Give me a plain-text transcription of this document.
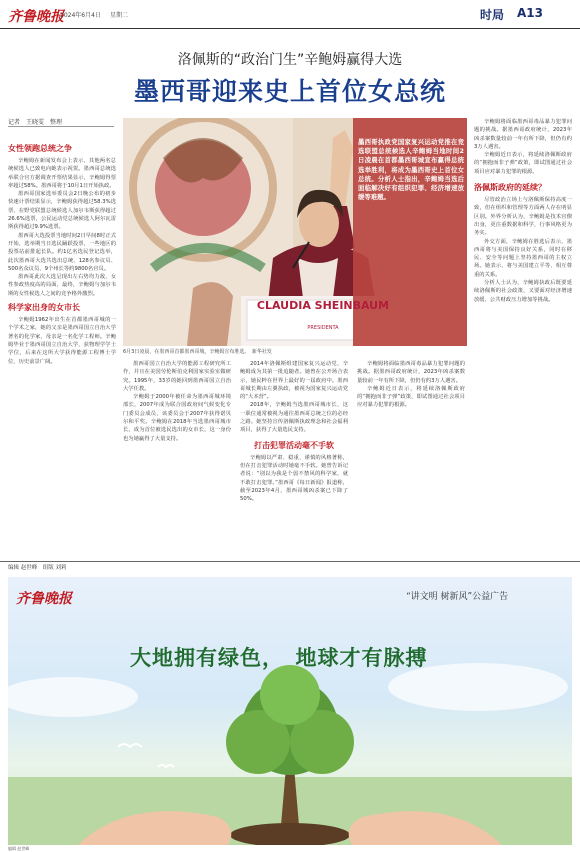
齐鲁晚报
2024年6月4日 星期二	时局 A13
洛佩斯的“政治门生”辛鲍姆赢得大选
墨西哥迎来史上首位女总统
记者　王晓雯　整理
女性领跑总统之争

辛鲍姆在新闻发布会上表示，其他两名总统候选人已致电向她表示祝贺。墨西哥总统选举联合官方据调查开票结果显示，辛鲍姆得票率超过58%。墨西哥将于10月1日开始执政。

墨西哥国家选举委员会2日晚公布的初步快速计票结果显示，辛鲍姆获得超过58.3%选票，在野党联盟总统候选人加尔韦斯获得超过26.6%选票，公民运动党总统候选人阿尔瓦雷斯获得超过9.9%选票。

墨西哥大选投票当地时间2日早间8时正式开始，选举期当日选民踊跃投票，一些地区的投票站前排起长队。约1亿名选民登记选举，此次墨西哥大选共选出总统、128名参议员、500名众议员、9个州长等约9800名官员。

墨西哥此次大选呈现出左右势均力敌、女性参政热度高的局面，最终，辛鲍姆与加尔韦斯的女性候选人之间的竞争格外激烈。

科学家出身的女市长

辛鲍姆1962年出生在首都墨西哥城的一个学术之家，她的父亲是墨西哥国立自治大学著名的化学家，母亲是一名化学工程师。辛鲍姆毕业于墨西哥国立自治大学，获物理学学士学位，后来在这所大学获得能源工程博士学位，历史前景广阔。

CLAUDIA SHEINBAUM
PRESIDENTA
墨西哥执政党国家复兴运动党推在竞选联盟总统候选人辛鲍姆当地时间2日凌晨在首都墨西哥城宣布赢得总统选举胜利，将成为墨西哥史上首位女总统。分析人士指出，辛鲍姆当选后面临解决好有组织犯罪、经济增速放缓等难题。
6月3日凌晨，在墨西哥首都墨西哥城，辛鲍姆宣布胜选。　新华社发

墨西哥国立自治大学的能源工程研究所工作，并且在美国劳伦斯伯克利国家实验室做研究。1995年，33岁的她回到墨西哥国立自治大学任教。

辛鲍姆于2000年被任命为墨西哥城环境部长，2007年成为联合国政府间气候变化专门委员会成员，该委员会于2007年获得诺贝尔和平奖。辛鲍姆在2018年当选墨西哥城市长，成为首位被选民选出的女市长，这一身份也为她赢得了大量支持。

2014年洛佩斯组建国家复兴运动党，辛鲍姆成为其第一批追随者。她曾在公开场合表示，她民粹在世界上最好的一届政府中。墨西哥城长期由左翼执政，被视为国家复兴运动党的“大本营”。

2018年，辛鲍姆当选墨西哥城市长，这一职位通常被视为通往墨西哥总统之位的必经之路。她坚持宣传洛佩斯执政理念和社会福利项目，获得了大量选民支持。

打击犯罪活动毫不手软

辛鲍姆以严肃、稳重、谨慎的风格著称，但在打击犯罪活动时她毫不手软。她曾告诉记者说：“别以为我是个弱不禁风的科学家，就不敢打击犯罪。”墨西哥《每日新闻》报道称，截至2023年4月，墨西哥城凶杀案已下降了50%。

辛鲍姆将面临墨西哥毒品暴力犯罪问题的挑战。据墨西哥政府统计，2023年凶杀案数量较前一年有所下降，但仍有约3万人遇害。

辛鲍姆近日表示，将延续洛佩斯政府的“拥抱而非子弹”政策，即试图通过社会项目应对暴力犯罪的根源。

辛鲍姆将面临墨西哥毒品暴力犯罪问题的挑战。据墨西哥政府统计，2023年凶杀案数量较前一年有所下降，但仍有约3万人遇害。

辛鲍姆近日表示，将延续洛佩斯政府的“拥抱而非子弹”政策，即试图通过社会项目应对暴力犯罪的根源。

洛佩斯政府的延续？

尽管政治立场上与洛佩斯保持高度一致，但在组织和管理等方面两人存在明显区别。外界分析认为，辛鲍姆是技术官僚出身，更注重数据和科学，行事风格更为务实。

外交方面，辛鲍姆在胜选后表示，墨西哥将与美国保持良好关系，同时在移民、安全等问题上坚持墨西哥的主权立场。她表示，将与美国建立平等、相互尊重的关系。

分析人士认为，辛鲍姆执政后既要延续洛佩斯的社会政策，又要面对经济增速放缓、公共财政压力增加等挑战。

编辑 赵世峰　组版 刘莉
齐鲁晚报	“讲文明 树新风”公益广告
大地拥有绿色，　地球才有脉搏
编辑 赵世峰
